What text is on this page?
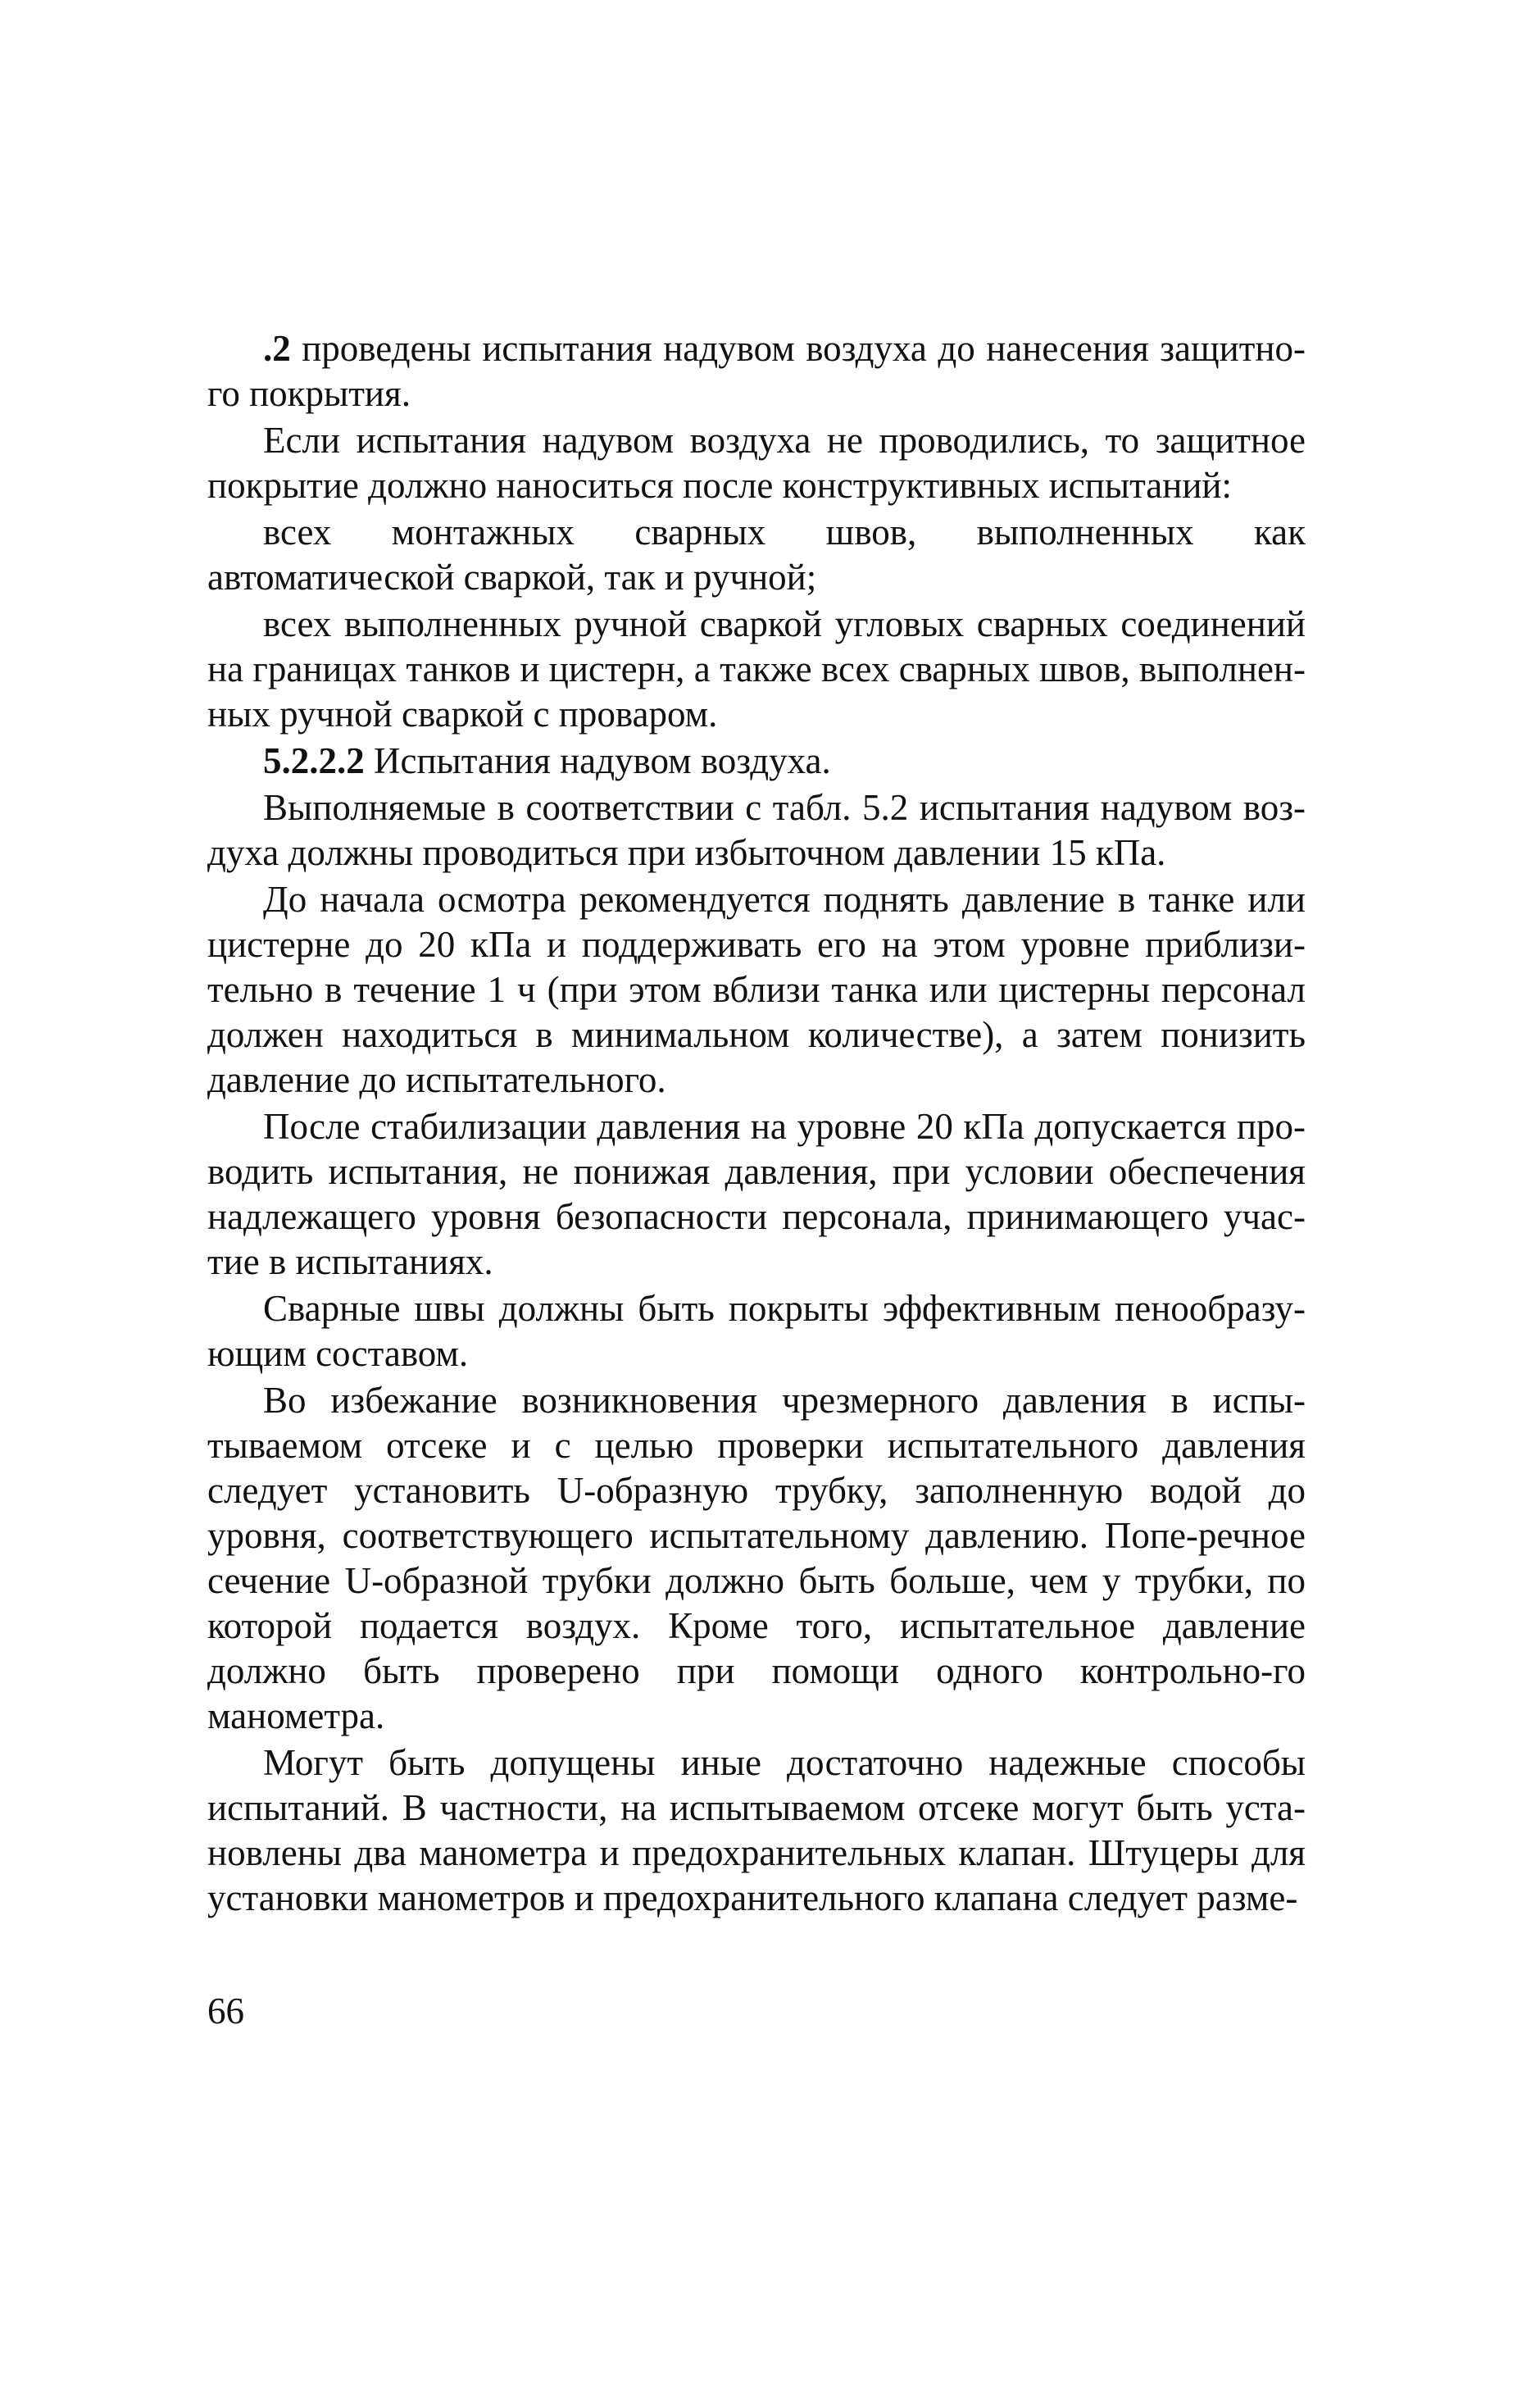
.2 проведены испытания надувом воздуха до нанесения защитно-го покрытия.

Если испытания надувом воздуха не проводились, то защитное покрытие должно наноситься после конструктивных испытаний:

всех монтажных сварных швов, выполненных как автоматической сваркой, так и ручной;

всех выполненных ручной сваркой угловых сварных соединений на границах танков и цистерн, а также всех сварных швов, выполнен-ных ручной сваркой с проваром.

5.2.2.2 Испытания надувом воздуха.

Выполняемые в соответствии с табл. 5.2 испытания надувом воз-духа должны проводиться при избыточном давлении 15 кПа.

До начала осмотра рекомендуется поднять давление в танке или цистерне до 20 кПа и поддерживать его на этом уровне приблизи-тельно в течение 1 ч (при этом вблизи танка или цистерны персонал должен находиться в минимальном количестве), а затем понизить давление до испытательного.

После стабилизации давления на уровне 20 кПа допускается про-водить испытания, не понижая давления, при условии обеспечения надлежащего уровня безопасности персонала, принимающего учас-тие в испытаниях.

Сварные швы должны быть покрыты эффективным пенообразу-ющим составом.

Во избежание возникновения чрезмерного давления в испы-тываемом отсеке и с целью проверки испытательного давления следует установить U-образную трубку, заполненную водой до уровня, соответствующего испытательному давлению. Попе-речное сечение U-образной трубки должно быть больше, чем у трубки, по которой подается воздух. Кроме того, испытательное давление должно быть проверено при помощи одного контрольно-го манометра.

Могут быть допущены иные достаточно надежные способы испытаний. В частности, на испытываемом отсеке могут быть уста-новлены два манометра и предохранительных клапан. Штуцеры для установки манометров и предохранительного клапана следует разме-

66
